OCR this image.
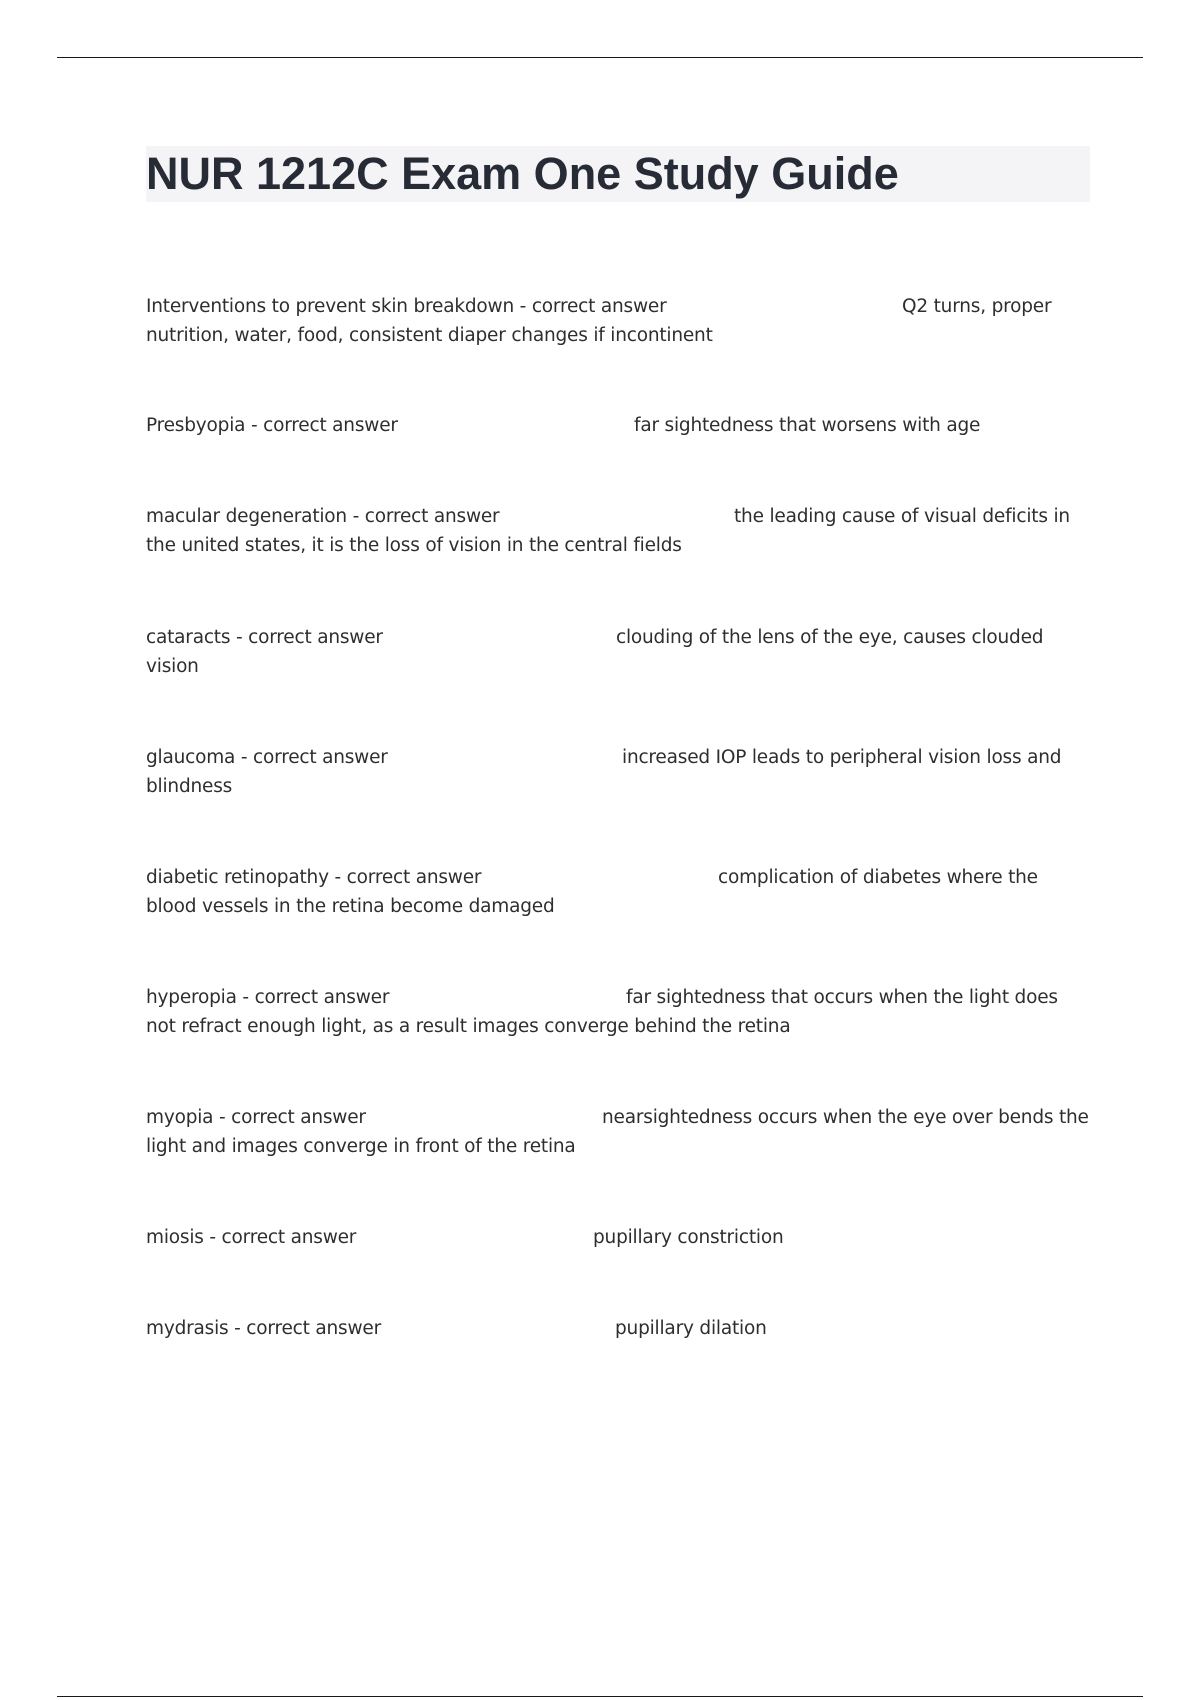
NUR 1212C Exam One Study Guide
Interventions to prevent skin breakdown - correct answer	Q2 turns, proper
nutrition, water, food, consistent diaper changes if incontinent
Presbyopia - correct answer	far sightedness that worsens with age
macular degeneration - correct answer	the leading cause of visual deficits in
the united states, it is the loss of vision in the central fields
cataracts - correct answer	clouding of the lens of the eye, causes clouded
vision
glaucoma - correct answer	increased IOP leads to peripheral vision loss and
blindness
diabetic retinopathy - correct answer	complication of diabetes where the
blood vessels in the retina become damaged
hyperopia - correct answer	far sightedness that occurs when the light does
not refract enough light, as a result images converge behind the retina
myopia - correct answer	nearsightedness occurs when the eye over bends the
light and images converge in front of the retina
miosis - correct answer	pupillary constriction
mydrasis - correct answer	pupillary dilation
